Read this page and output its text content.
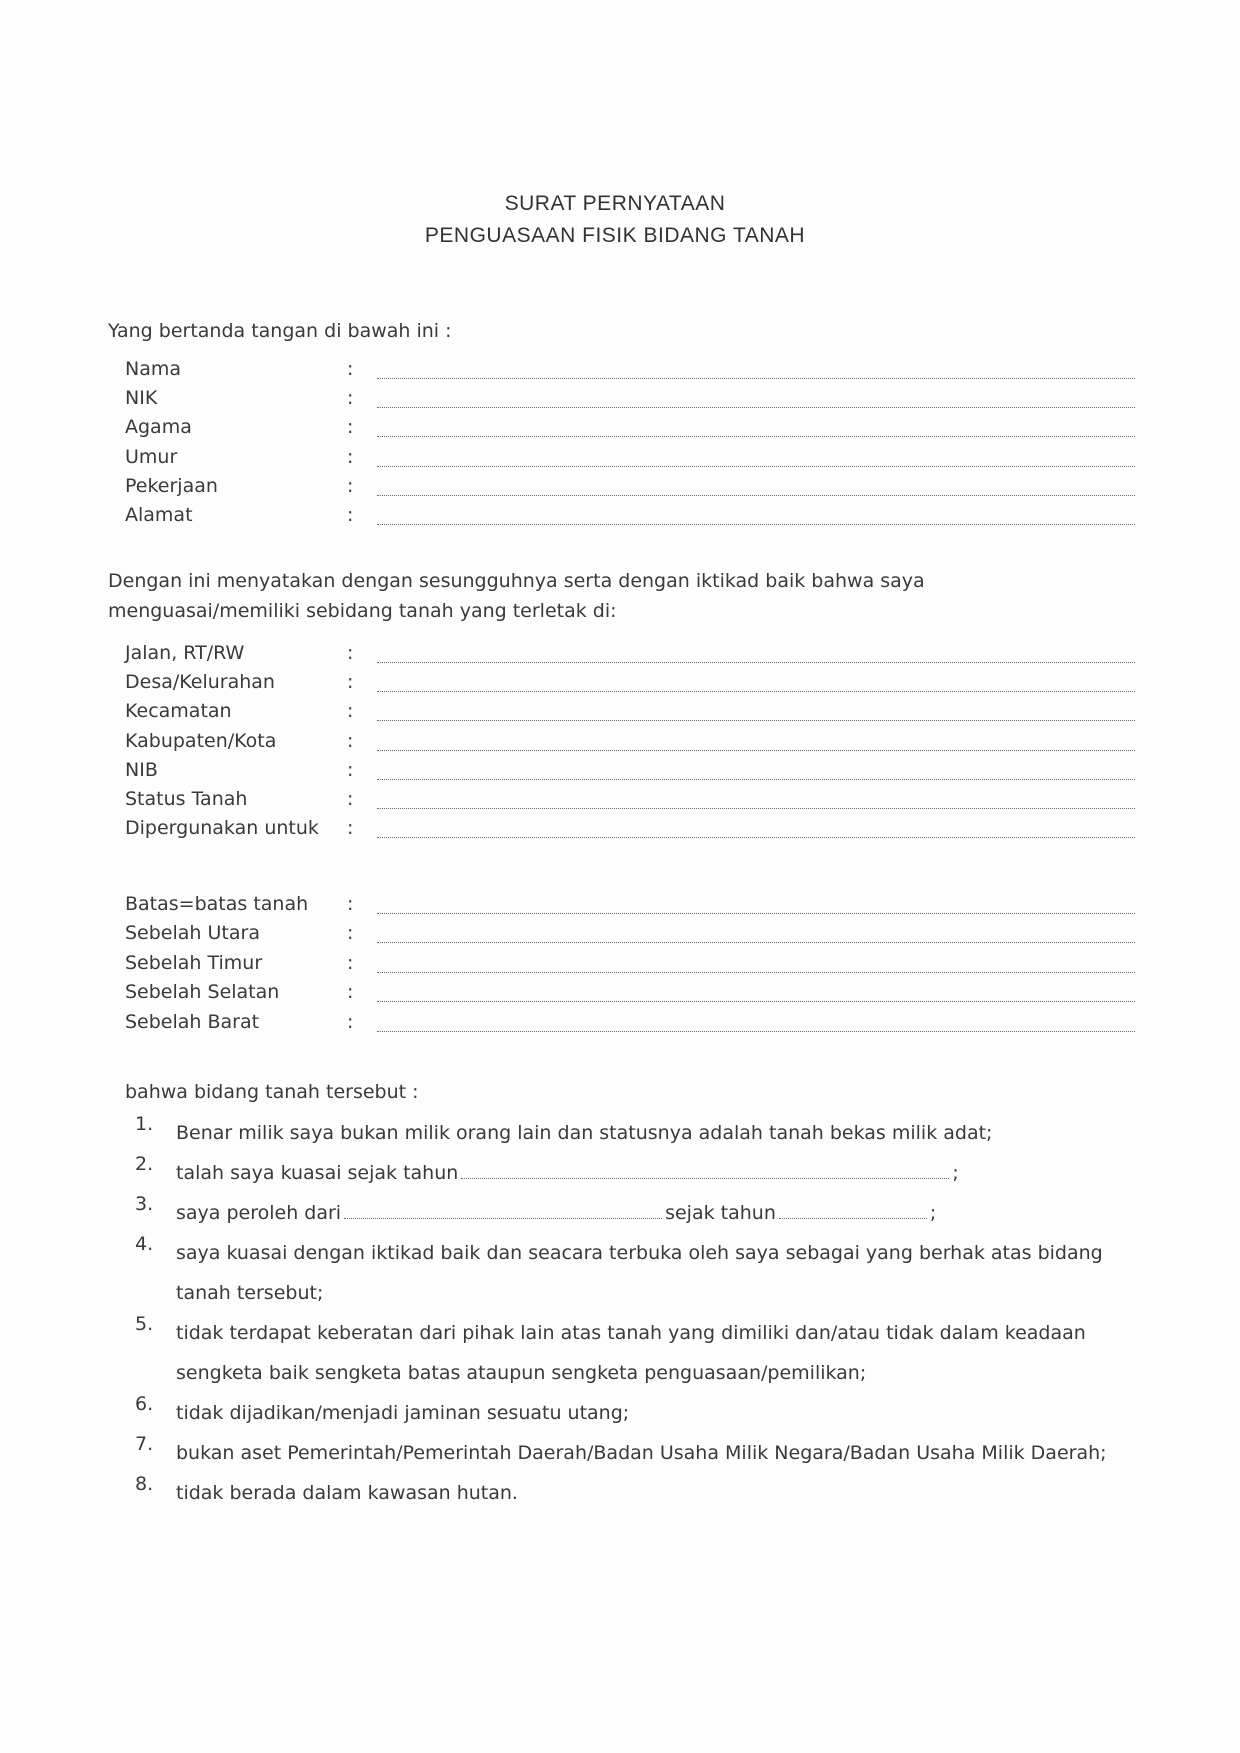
SURAT PERNYATAAN
PENGUASAAN FISIK BIDANG TANAH
Yang bertanda tangan di bawah ini :
Nama	:
NIK	:
Agama	:
Umur	:
Pekerjaan	:
Alamat	:
Dengan ini menyatakan dengan sesungguhnya serta dengan iktikad baik bahwa saya menguasai/memiliki sebidang tanah yang terletak di:
Jalan, RT/RW	:
Desa/Kelurahan	:
Kecamatan	:
Kabupaten/Kota	:
NIB	:
Status Tanah	:
Dipergunakan untuk :
Batas=batas tanah :
Sebelah Utara	:
Sebelah Timur	:
Sebelah Selatan	:
Sebelah Barat	:
bahwa bidang tanah tersebut :
1. Benar milik saya bukan milik orang lain dan statusnya adalah tanah bekas milik adat;
2. talah saya kuasai sejak tahun	;
3. saya peroleh dari	sejak tahun	;
4. saya kuasai dengan iktikad baik dan seacara terbuka oleh saya sebagai yang berhak atas bidang tanah tersebut;
5. tidak terdapat keberatan dari pihak lain atas tanah yang dimiliki dan/atau tidak dalam keadaan sengketa baik sengketa batas ataupun sengketa penguasaan/pemilikan;
6. tidak dijadikan/menjadi jaminan sesuatu utang;
7. bukan aset Pemerintah/Pemerintah Daerah/Badan Usaha Milik Negara/Badan Usaha Milik Daerah;
8. tidak berada dalam kawasan hutan.
